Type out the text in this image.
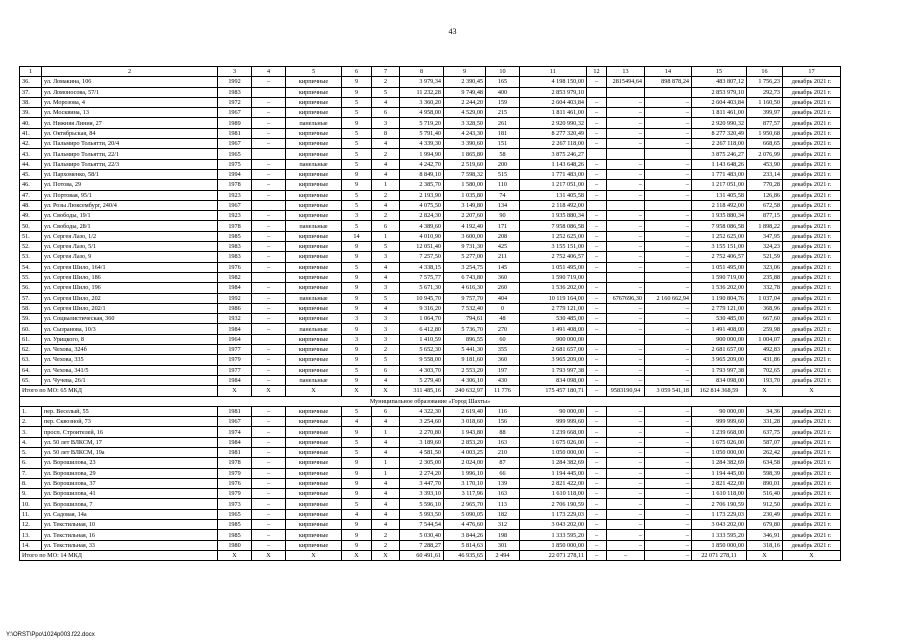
43
1	2	3	4	5	6	7	8	9	10	11	12	13	14	15	16	17
36.	ул. Ломакина, 106	1992	–	кирпичные	9	2	3 979,34	2 390,45	165	4 198 150,00	–	2815494,64	898 878,24	483 807,12	1 756,23	декабрь 2021 г.
37.	ул. Ломоносова, 57/1	1983		кирпичные	9	5	11 232,28	9 749,48	400	2 853 979,10				2 853 979,10	292,73	декабрь 2021 г.
38.	ул. Морозова, 4	1972	–	кирпичные	5	4	3 360,20	2 244,20	159	2 604 403,84	–	–	–	2 604 403,84	1 160,50	декабрь 2021 г.
39.	ул. Москвина, 13	1967	–	кирпичные	5	6	4 958,00	4 529,00	215	1 811 461,00	–	–	–	1 811 461,00	399,97	декабрь 2021 г.
40.	ул. Нижняя Линия, 27	1989	–	панельные	9	3	5 719,20	3 328,50	261	2 920 990,32	–	–	–	2 920 990,32	877,57	декабрь 2021 г.
41.	ул. Октябрьская, 84	1981	–	кирпичные	5	8	5 791,40	4 243,30	181	8 277 320,49	–	–	–	8 277 320,49	1 950,68	декабрь 2021 г.
42.	ул. Пальмиро Тольятти, 20/4	1967	–	кирпичные	5	4	4 339,30	3 390,60	151	2 267 118,00	–	–	–	2 267 118,00	668,65	декабрь 2021 г.
43.	ул. Пальмиро Тольятти, 22/1	1965		кирпичные	5	2	1 994,90	1 865,80	58	3 875 246,27				3 875 246,27	2 076,99	декабрь 2021 г.
44.	ул. Пальмиро Тольятти, 22/3	1975	–	панельные	5	4	4 242,70	2 519,60	200	1 143 648,26	–	–	–	1 143 648,26	453,90	декабрь 2021 г.
45.	ул. Пархоменко, 58/1	1994	–	кирпичные	9	4	8 849,10	7 598,32	515	1 771 483,00	–	–	–	1 771 483,00	233,14	декабрь 2021 г.
46.	ул. Потова, 29	1978	–	кирпичные	9	1	2 385,70	1 580,00	110	1 217 051,00	–	–	–	1 217 051,00	770,28	декабрь 2021 г.
47.	ул. Портовая, 95/1	1923	–	кирпичные	5	2	2 193,90	1 035,80	74	131 405,58	–	–	–	131 405,58	126,86	декабрь 2021 г.
48.	ул. Розы Люксембург, 240/4	1967		кирпичные	5	4	4 075,50	3 149,80	134	2 118 492,00				2 118 492,00	672,58	декабрь 2021 г.
49.	ул. Свободы, 19/1	1923	–	кирпичные	3	2	2 824,30	2 207,60	90	1 935 880,34	–	–	–	1 935 880,34	877,15	декабрь 2021 г.
50.	ул. Свободы, 28/1	1978	–	панельные	5	6	4 389,60	4 192,40	171	7 958 086,58	–	–	–	7 958 086,58	1 898,22	декабрь 2021 г.
51.	ул. Сергея Лазо, 1/2	1985	–	кирпичные	14	1	4 010,90	3 600,00	208	1 252 625,00	–	–	–	1 252 625,00	347,95	декабрь 2021 г.
52.	ул. Сергея Лазо, 5/1	1983	–	кирпичные	9	5	12 051,40	9 731,30	425	3 155 151,00	–	–	–	3 155 151,00	324,23	декабрь 2021 г.
53.	ул. Сергея Лазо, 9	1983	–	кирпичные	9	3	7 257,50	5 277,00	211	2 752 406,57	–	–	–	2 752 406,57	521,59	декабрь 2021 г.
54.	ул. Сергея Шило, 164/1	1976	–	кирпичные	5	4	4 338,15	3 254,75	145	1 051 495,00	–	–	–	1 051 495,00	323,06	декабрь 2021 г.
55.	ул. Сергея Шило, 186	1982		кирпичные	9	4	7 575,77	6 743,80	360	1 590 719,00				1 590 719,00	235,88	декабрь 2021 г.
56.	ул. Сергея Шило, 196	1984	–	кирпичные	9	3	5 671,30	4 616,30	260	1 536 202,00	–	–	–	1 536 202,00	332,78	декабрь 2021 г.
57.	ул. Сергея Шило, 202	1992	–	панельные	9	5	10 945,70	9 757,70	404	10 119 164,00	–	6767696,30	2 160 662,94	1 190 804,76	1 037,04	декабрь 2021 г.
58.	ул. Сергея Шило, 202/1	1986	–	кирпичные	9	4	9 316,20	7 532,40	0	2 779 121,00	–	–	–	2 779 121,00	368,96	декабрь 2021 г.
59.	ул. Социалистическая, 360	1932	–	кирпичные	3	3	1 064,70	794,61	48	530 485,00	–	–	–	530 485,00	667,60	декабрь 2021 г.
60.	ул. Сызранова, 10/3	1984	–	панельные	9	3	6 412,80	5 736,70	270	1 491 408,00	–	–	–	1 491 408,00	259,98	декабрь 2021 г.
61.	ул. Урицкого, 8	1964		кирпичные	3	3	1 410,59	896,55	60	900 000,00				900 000,00	1 004,07	декабрь 2021 г.
62.	ул. Чехова, 324б	1977	–	кирпичные	9	2	5 652,30	5 441,30	355	2 681 657,00	–	–	–	2 681 657,00	492,83	декабрь 2021 г.
63.	ул. Чехова, 335	1979	–	кирпичные	9	5	9 558,00	9 181,60	360	3 965 209,00	–	–	–	3 965 209,00	431,86	декабрь 2021 г.
64.	ул. Чехова, 341/5	1977	–	кирпичные	5	6	4 303,70	2 553,20	197	1 793 997,38	–	–	–	1 793 997,38	702,65	декабрь 2021 г.
65.	ул. Чучева, 26/1	1984	–	панельные	9	4	5 279,40	4 306,10	430	834 098,00	–	–	–	834 098,00	193,70	декабрь 2021 г.
Итого по МО: 65 МКД		X	X	X	X	X	311 485,16	240 632,97	11 776	175 457 180,71	–	9583190,94	3 059 541,18	162 814 368,59	X	X
Муниципальное образование «Город Шахты»																
1.	пер. Веселый, 55	1981	–	кирпичные	5	6	4 322,30	2 619,40	116	90 000,00	–	–	–	90 000,00	34,36	декабрь 2021 г.
2.	пер. Сквозной, 73	1967	–	кирпичные	4	4	3 254,60	3 018,60	156	999 999,60	–	–	–	999 999,60	331,28	декабрь 2021 г.
3.	просп. Строителей, 16	1974	–	кирпичные	9	1	2 270,80	1 943,80	88	1 239 668,00	–	–	–	1 239 668,00	637,75	декабрь 2021 г.
4.	ул. 50 лет ВЛКСМ, 17	1984	–	кирпичные	5	4	3 189,60	2 853,20	163	1 675 026,00	–	–	–	1 675 026,00	587,07	декабрь 2021 г.
5.	ул. 50 лет ВЛКСМ, 19а	1981	–	кирпичные	5	4	4 581,50	4 003,25	210	1 050 000,00	–	–	–	1 050 000,00	262,42	декабрь 2021 г.
6.	ул. Ворошилова, 23	1978	–	кирпичные	9	1	2 305,00	2 024,00	87	1 284 382,69	–	–	–	1 284 382,69	634,58	декабрь 2021 г.
7.	ул. Ворошилова, 29	1979	–	кирпичные	9	1	2 274,20	1 996,10	66	1 194 445,00	–	–	–	1 194 445,00	598,39	декабрь 2021 г.
8.	ул. Ворошилова, 37	1976	–	кирпичные	9	4	3 447,70	3 170,10	139	2 821 422,00	–	–	–	2 821 422,00	890,01	декабрь 2021 г.
9.	ул. Ворошилова, 41	1979	–	кирпичные	9	4	3 393,10	3 117,96	163	1 610 118,00	–	–	–	1 610 118,00	516,40	декабрь 2021 г.
10.	ул. Ворошилова, 7	1973	–	кирпичные	5	4	5 596,10	2 965,70	113	2 706 190,59	–	–	–	2 706 190,59	912,50	декабрь 2021 г.
11.	ул. Садовая, 14а	1965	–	кирпичные	4	4	5 993,50	5 090,05	182	1 173 229,03	–	–	–	1 173 229,03	230,49	декабрь 2021 г.
12.	ул. Текстильная, 10	1985	–	кирпичные	9	4	7 544,54	4 476,60	312	3 043 202,00	–	–	–	3 043 202,00	679,80	декабрь 2021 г.
13.	ул. Текстильная, 16	1985	–	кирпичные	9	2	5 030,40	3 844,26	198	1 333 595,20	–	–	–	1 333 595,20	346,91	декабрь 2021 г.
14.	ул. Текстильная, 33	1980	–	кирпичные	9	2	7 288,27	5 814,63	301	1 850 000,00	–	–	–	1 850 000,00	318,16	декабрь 2021 г.
Итого по МО: 14 МКД		X	X	X	X	X	60 491,61	46 935,65	2 494	22 071 278,11	–	–	–	22 071 278,11	X	X
Y:\ORST\Ppo\1024p003.f22.docx
